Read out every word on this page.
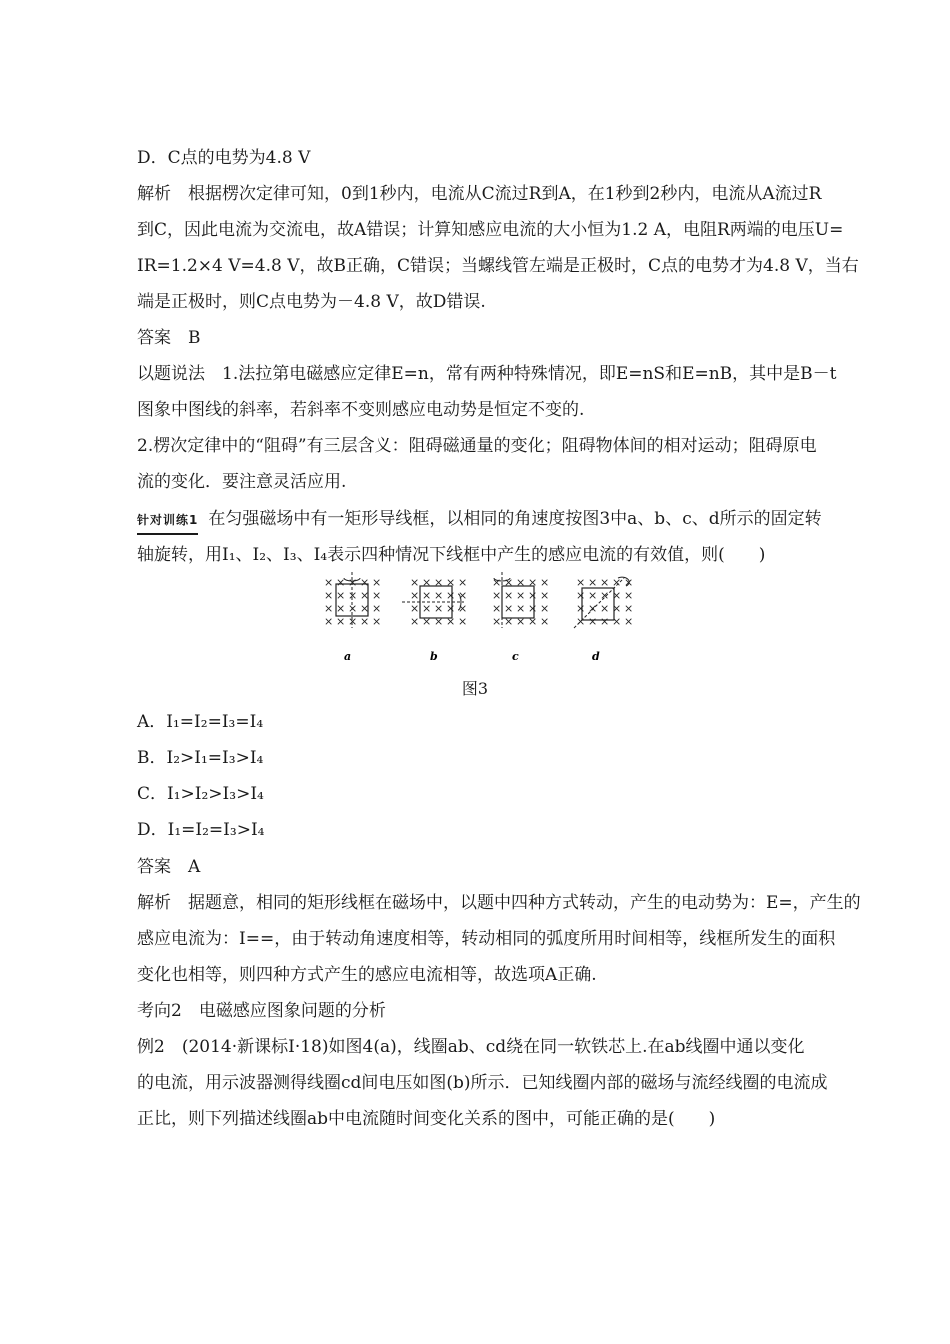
D．C点的电势为4.8 V
解析　根据楞次定律可知，0到1秒内，电流从C流过R到A，在1秒到2秒内，电流从A流过R
到C，因此电流为交流电，故A错误；计算知感应电流的大小恒为1.2 A，电阻R两端的电压U=
IR=1.2×4 V=4.8 V，故B正确，C错误；当螺线管左端是正极时，C点的电势才为4.8 V，当右
端是正极时，则C点电势为－4.8 V，故D错误.
答案　B
以题说法　1.法拉第电磁感应定律E=n，常有两种特殊情况，即E=nS和E=nB，其中是B－t
图象中图线的斜率，若斜率不变则感应电动势是恒定不变的.
2.楞次定律中的“阻碍”有三层含义：阻碍磁通量的变化；阻碍物体间的相对运动；阻碍原电
流的变化．要注意灵活应用.
针对训练1 在匀强磁场中有一矩形导线框，以相同的角速度按图3中a、b、c、d所示的固定转
轴旋转，用I₁、I₂、I₃、I₄表示四种情况下线框中产生的感应电流的有效值，则(　　)
×
×
×
×
×
×
×
×
×
×
×
×
×
×
×
×
×
×
×
×
a
×
×
×
×
×
×
×
×
×
×
×
×
×
×
×
×
×
×
×
×
b
×
×
×
×
×
×
×
×
×
×
×
×
×
×
×
×
×
×
×
×
c
×
×
×
×
×
×
×
×
×
×
×
×
×
×
×
×
×
×
×
×
d
图3
A．I₁=I₂=I₃=I₄
B．I₂>I₁=I₃>I₄
C．I₁>I₂>I₃>I₄
D．I₁=I₂=I₃>I₄
答案　A
解析　据题意，相同的矩形线框在磁场中，以题中四种方式转动，产生的电动势为：E=，产生的
感应电流为：I==，由于转动角速度相等，转动相同的弧度所用时间相等，线框所发生的面积
变化也相等，则四种方式产生的感应电流相等，故选项A正确.
考向2　电磁感应图象问题的分析
例2　(2014·新课标Ⅰ·18)如图4(a)，线圈ab、cd绕在同一软铁芯上.在ab线圈中通以变化
的电流，用示波器测得线圈cd间电压如图(b)所示．已知线圈内部的磁场与流经线圈的电流成
正比，则下列描述线圈ab中电流随时间变化关系的图中，可能正确的是(　　)
